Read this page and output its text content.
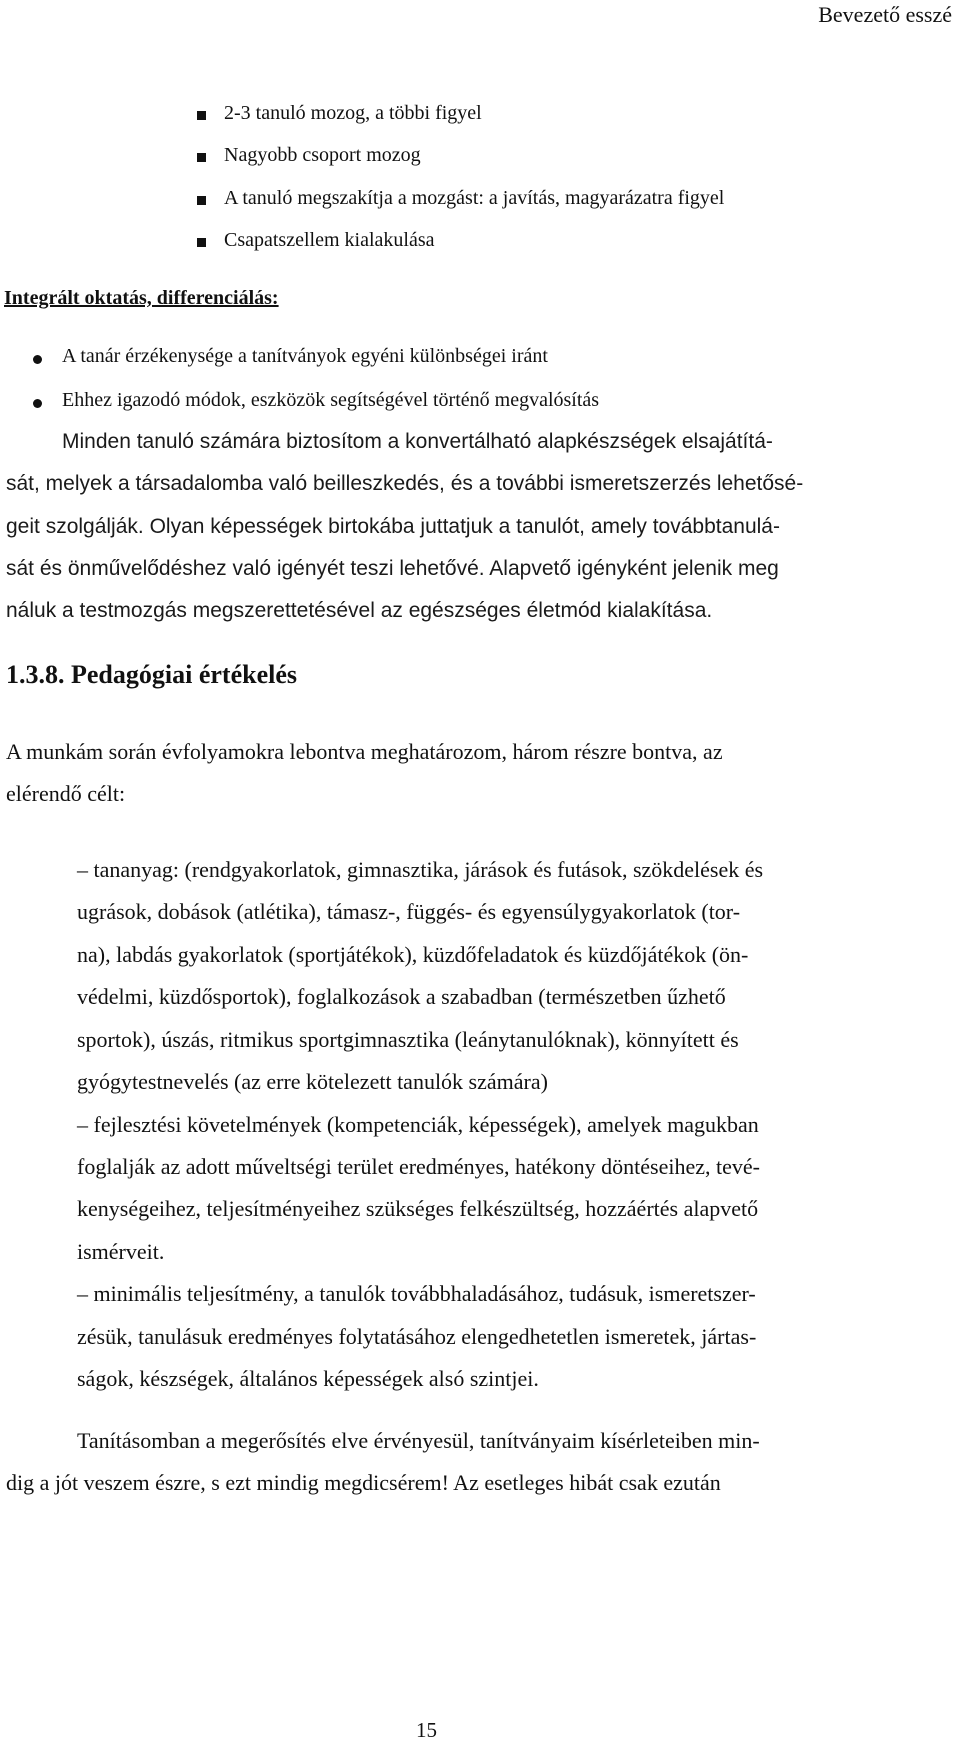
Bevezető esszé
2-3 tanuló mozog, a többi figyel
Nagyobb csoport mozog
A tanuló megszakítja a mozgást: a javítás, magyarázatra figyel
Csapatszellem kialakulása
Integrált oktatás, differenciálás:
A tanár érzékenysége a tanítványok egyéni különbségei iránt
Ehhez igazodó módok, eszközök segítségével történő megvalósítás
Minden tanuló számára biztosítom a konvertálható alapkészségek elsajátítá-
sát, melyek a társadalomba való beilleszkedés, és a további ismeretszerzés lehetősé-
geit szolgálják. Olyan képességek birtokába juttatjuk a tanulót, amely továbbtanulá-
sát és önművelődéshez való igényét teszi lehetővé. Alapvető igényként jelenik meg
náluk a testmozgás megszerettetésével az egészséges életmód kialakítása.
1.3.8. Pedagógiai értékelés
A munkám során évfolyamokra lebontva meghatározom, három részre bontva, az
elérendő célt:
– tananyag: (rendgyakorlatok, gimnasztika, járások és futások, szökdelések és
ugrások, dobások (atlétika), támasz-, függés- és egyensúlygyakorlatok (tor-
na), labdás gyakorlatok (sportjátékok), küzdőfeladatok és küzdőjátékok (ön-
védelmi, küzdősportok), foglalkozások a szabadban (természetben űzhető
sportok), úszás, ritmikus sportgimnasztika (leánytanulóknak), könnyített és
gyógytestnevelés (az erre kötelezett tanulók számára)
– fejlesztési követelmények (kompetenciák, képességek), amelyek magukban
foglalják az adott műveltségi terület eredményes, hatékony döntéseihez, tevé-
kenységeihez, teljesítményeihez szükséges felkészültség, hozzáértés alapvető
ismérveit.
– minimális teljesítmény, a tanulók továbbhaladásához, tudásuk, ismeretszer-
zésük, tanulásuk eredményes folytatásához elengedhetetlen ismeretek, jártas-
ságok, készségek, általános képességek alsó szintjei.
Tanításomban a megerősítés elve érvényesül, tanítványaim kísérleteiben min-
dig a jót veszem észre, s ezt mindig megdicsérem! Az esetleges hibát csak ezután
15
